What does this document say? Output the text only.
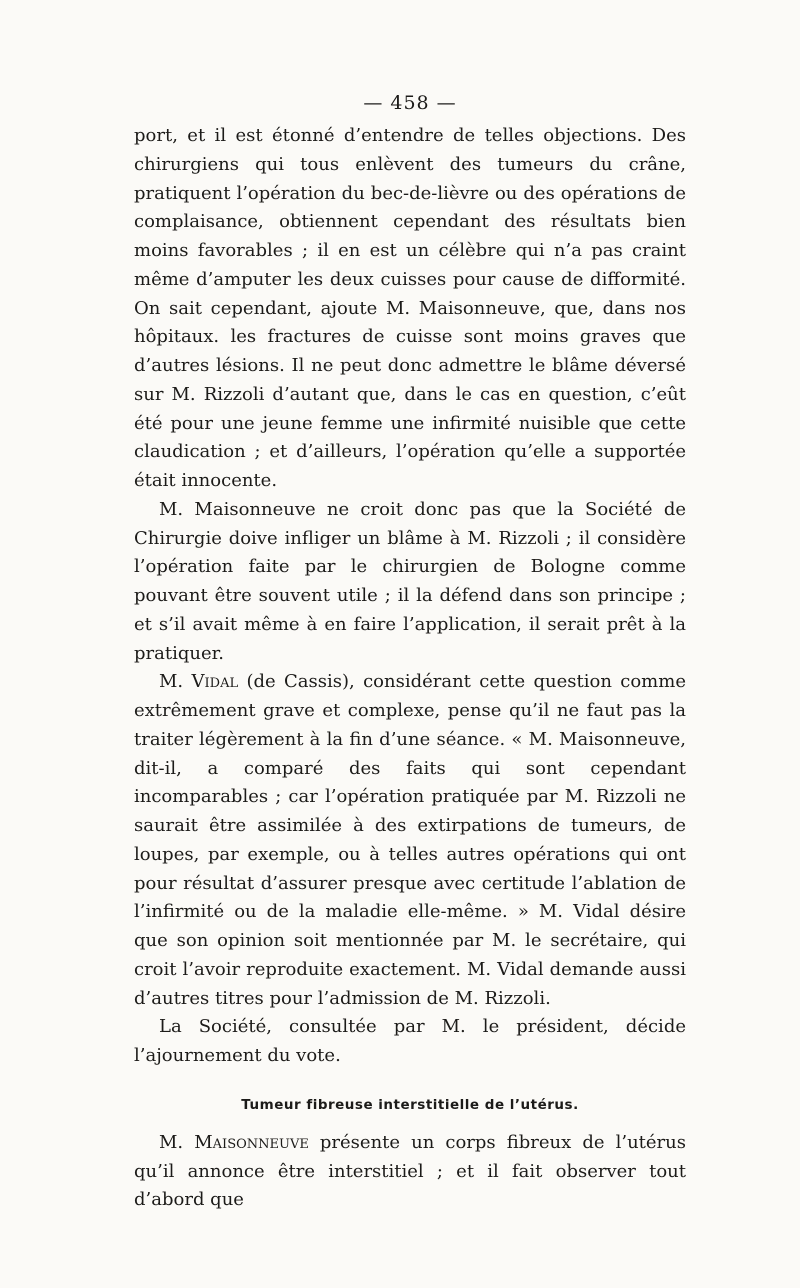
— 458 —

port, et il est étonné d’entendre de telles objections. Des chirurgiens qui tous enlèvent des tumeurs du crâne, pratiquent l’opération du bec-de-lièvre ou des opérations de complaisance, obtiennent cependant des résultats bien moins favorables ; il en est un célèbre qui n’a pas craint même d’amputer les deux cuisses pour cause de difformité. On sait cependant, ajoute M. Maisonneuve, que, dans nos hôpitaux. les fractures de cuisse sont moins graves que d’autres lésions. Il ne peut donc admettre le blâme déversé sur M. Rizzoli d’autant que, dans le cas en question, c’eût été pour une jeune femme une infirmité nuisible que cette claudication ; et d’ailleurs, l’opération qu’elle a supportée était innocente.

M. Maisonneuve ne croit donc pas que la Société de Chirurgie doive infliger un blâme à M. Rizzoli ; il considère l’opération faite par le chirurgien de Bologne comme pouvant être souvent utile ; il la défend dans son principe ; et s’il avait même à en faire l’application, il serait prêt à la pratiquer.

M. Vidal (de Cassis), considérant cette question comme extrêmement grave et complexe, pense qu’il ne faut pas la traiter légèrement à la fin d’une séance. « M. Maisonneuve, dit-il, a comparé des faits qui sont cependant incomparables ; car l’opération pratiquée par M. Rizzoli ne saurait être assimilée à des extirpations de tumeurs, de loupes, par exemple, ou à telles autres opérations qui ont pour résultat d’assurer presque avec certitude l’ablation de l’infirmité ou de la maladie elle-même. » M. Vidal désire que son opinion soit mentionnée par M. le secrétaire, qui croit l’avoir reproduite exactement. M. Vidal demande aussi d’autres titres pour l’admission de M. Rizzoli.

La Société, consultée par M. le président, décide l’ajournement du vote.

Tumeur fibreuse interstitielle de l’utérus.

M. Maisonneuve présente un corps fibreux de l’utérus qu’il annonce être interstitiel ; et il fait observer tout d’abord que
